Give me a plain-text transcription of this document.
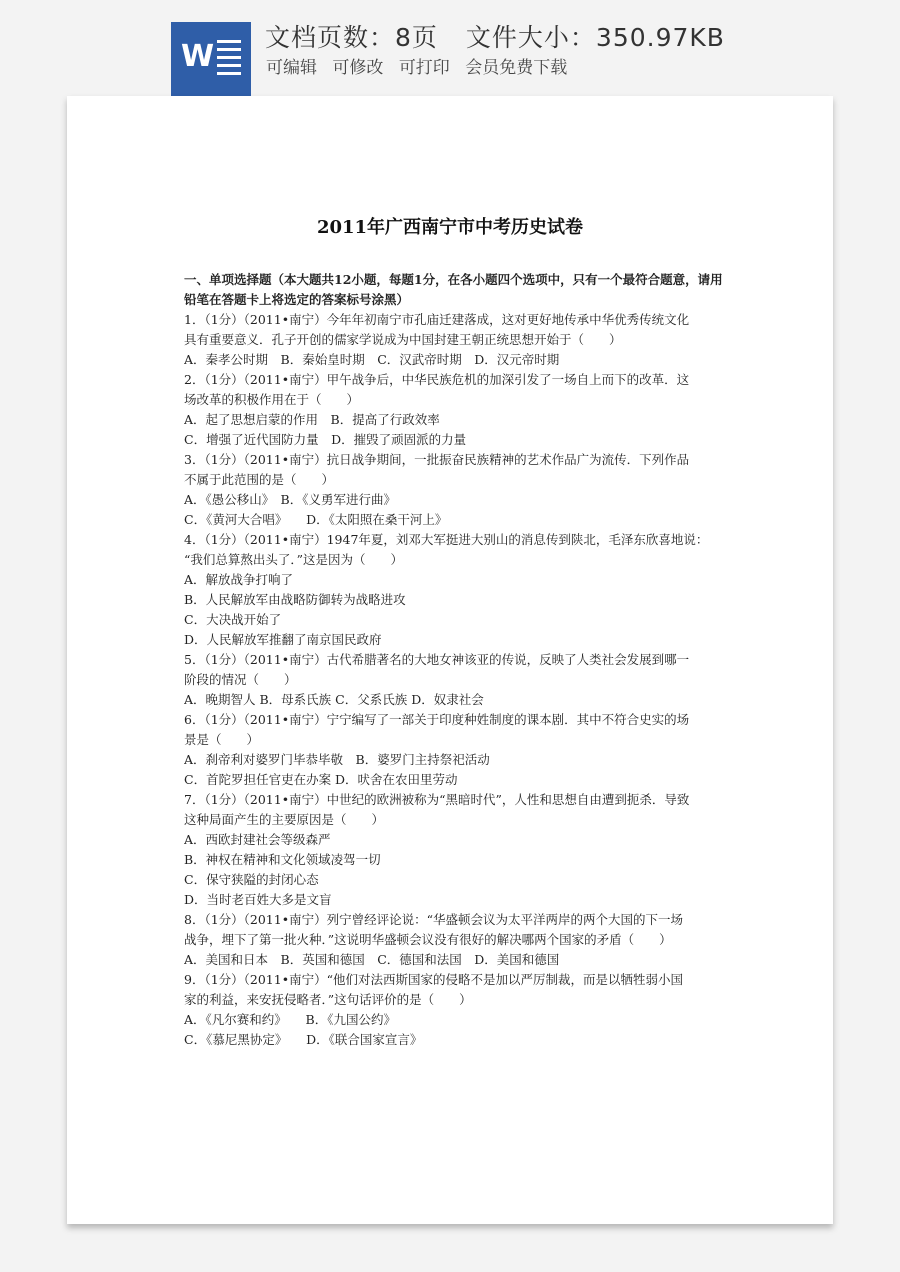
W
文档页数：8页 文件大小：350.97KB
可编辑 可修改 可打印 会员免费下载
2011年广西南宁市中考历史试卷

一、单项选择题（本大题共12小题，每题1分，在各小题四个选项中，只有一个最符合题意，请用铅笔在答题卡上将选定的答案标号涂黑）

1．（1分）（2011•南宁）今年年初南宁市孔庙迁建落成，这对更好地传承中华优秀传统文化

具有重要意义．孔子开创的儒家学说成为中国封建王朝正统思想开始于（　　）

A．秦孝公时期　B．秦始皇时期　C．汉武帝时期　D．汉元帝时期

2．（1分）（2011•南宁）甲午战争后，中华民族危机的加深引发了一场自上而下的改革．这

场改革的积极作用在于（　　）

A．起了思想启蒙的作用　B．提高了行政效率

C．增强了近代国防力量　D．摧毁了顽固派的力量

3．（1分）（2011•南宁）抗日战争期间，一批振奋民族精神的艺术作品广为流传．下列作品

不属于此范围的是（　　）

A．《愚公移山》　B．《义勇军进行曲》

C．《黄河大合唱》　　D．《太阳照在桑干河上》

4．（1分）（2011•南宁）1947年夏，刘邓大军挺进大别山的消息传到陕北，毛泽东欣喜地说：

“我们总算熬出头了．”这是因为（　　）

A．解放战争打响了

B．人民解放军由战略防御转为战略进攻

C．大决战开始了

D．人民解放军推翻了南京国民政府

5．（1分）（2011•南宁）古代希腊著名的大地女神该亚的传说，反映了人类社会发展到哪一

阶段的情况（　　）

A．晚期智人 B．母系氏族 C．父系氏族 D．奴隶社会

6．（1分）（2011•南宁）宁宁编写了一部关于印度种姓制度的课本剧．其中不符合史实的场

景是（　　）

A．刹帝利对婆罗门毕恭毕敬　B．婆罗门主持祭祀活动

C．首陀罗担任官吏在办案 D．吠舍在农田里劳动

7．（1分）（2011•南宁）中世纪的欧洲被称为“黑暗时代”，人性和思想自由遭到扼杀．导致

这种局面产生的主要原因是（　　）

A．西欧封建社会等级森严

B．神权在精神和文化领域凌驾一切

C．保守狭隘的封闭心态

D．当时老百姓大多是文盲

8．（1分）（2011•南宁）列宁曾经评论说：“华盛顿会议为太平洋两岸的两个大国的下一场

战争，埋下了第一批火种．”这说明华盛顿会议没有很好的解决哪两个国家的矛盾（　　）

A．美国和日本　B．英国和德国　C．德国和法国　D．美国和德国

9．（1分）（2011•南宁）“他们对法西斯国家的侵略不是加以严厉制裁，而是以牺牲弱小国

家的利益，来安抚侵略者．”这句话评价的是（　　）

A．《凡尔赛和约》　　B．《九国公约》

C．《慕尼黑协定》　　D．《联合国家宣言》
